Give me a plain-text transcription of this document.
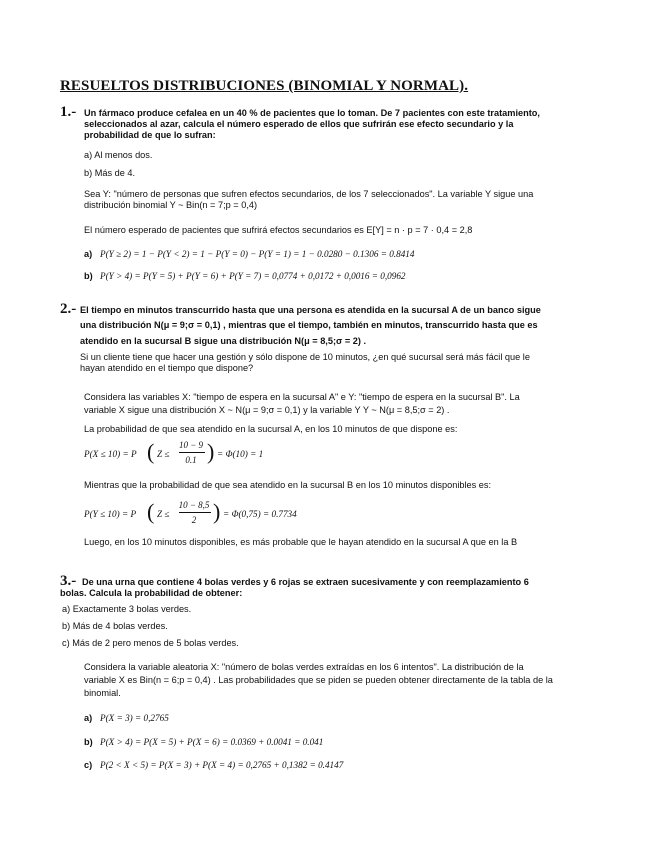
RESUELTOS DISTRIBUCIONES (BINOMIAL Y NORMAL).
1.- Un fármaco produce cefalea en un 40 % de pacientes que lo toman. De 7 pacientes con este tratamiento,
seleccionados al azar, calcula el número esperado de ellos que sufrirán ese efecto secundario y la
probabilidad de que lo sufran:
a) Al menos dos.
b) Más de 4.
Sea Y: "número de personas que sufren efectos secundarios, de los 7 seleccionados". La variable Y sigue una
distribución binomial Y ~ Bin(n = 7;p = 0,4)
El número esperado de pacientes que sufrirá efectos secundarios es E[Y] = n · p = 7 · 0,4 = 2,8
a) P(Y ≥ 2) = 1 − P(Y < 2) = 1 − P(Y = 0) − P(Y = 1) = 1 − 0.0280 − 0.1306 = 0.8414
b) P(Y > 4) = P(Y = 5) + P(Y = 6) + P(Y = 7) = 0,0774 + 0,0172 + 0,0016 = 0,0962
2.- El tiempo en minutos transcurrido hasta que una persona es atendida en la sucursal A de un banco sigue
una distribución N(μ = 9;σ = 0,1) , mientras que el tiempo, también en minutos, transcurrido hasta que es
atendido en la sucursal B sigue una distribución N(μ = 8,5;σ = 2) .
Si un cliente tiene que hacer una gestión y sólo dispone de 10 minutos, ¿en qué sucursal será más fácil que le
hayan atendido en el tiempo que dispone?
Considera las variables X: "tiempo de espera en la sucursal A" e Y: "tiempo de espera en la sucursal B". La
variable X sigue una distribución X ~ N(μ = 9;σ = 0,1) y la variable Y Y ~ N(μ = 8,5;σ = 2) .
La probabilidad de que sea atendido en la sucursal A, en los 10 minutos de que dispone es:
P(X ≤ 10) = P ( Z ≤
10 − 9
0.1 ) = Φ(10) = 1
Mientras que la probabilidad de que sea atendido en la sucursal B en los 10 minutos disponibles es:
P(Y ≤ 10) = P ( Z ≤
10 − 8,5
2 ) = Φ(0,75) = 0.7734
Luego, en los 10 minutos disponibles, es más probable que le hayan atendido en la sucursal A que en la B
3.- De una urna que contiene 4 bolas verdes y 6 rojas se extraen sucesivamente y con reemplazamiento 6
bolas. Calcula la probabilidad de obtener:
a) Exactamente 3 bolas verdes.
b) Más de 4 bolas verdes.
c) Más de 2 pero menos de 5 bolas verdes.
Considera la variable aleatoria X: "número de bolas verdes extraídas en los 6 intentos". La distribución de la
variable X es Bin(n = 6;p = 0,4) . Las probabilidades que se piden se pueden obtener directamente de la tabla de la
binomial.
a) P(X = 3) = 0,2765
b) P(X > 4) = P(X = 5) + P(X = 6) = 0.0369 + 0.0041 = 0.041
c) P(2 < X < 5) = P(X = 3) + P(X = 4) = 0,2765 + 0,1382 = 0.4147
